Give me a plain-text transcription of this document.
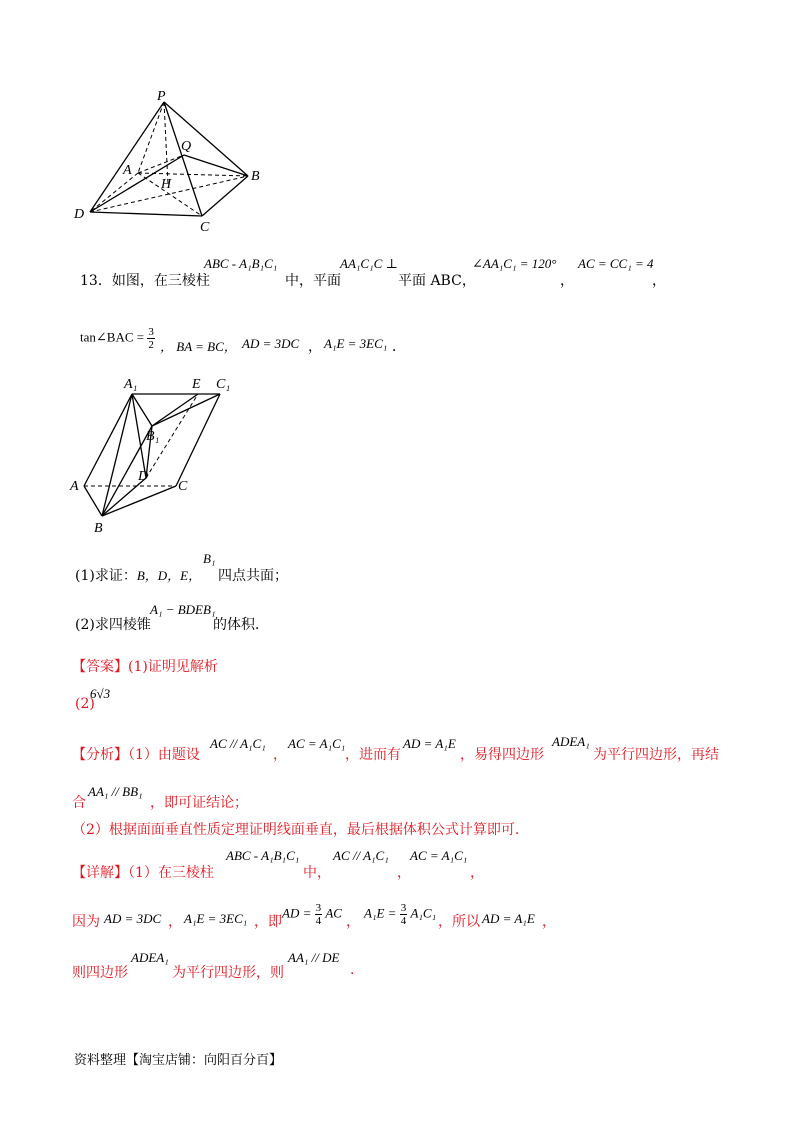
P
Q
A
H
B
D
C
13．如图，在三棱柱
ABC - A₁B₁C₁
中，平面
AA₁C₁C ⊥
平面 ABC，
∠AA₁C₁ = 120°
，
AC = CC₁ = 4
，
tan∠BAC = $\frac{3}{2}$ ， BA = BC， AD = 3DC ， A₁E = 3EC₁ ．
A₁	E C₁
B₁
D
A	C
B
(1)求证：B，D，E，
B₁
四点共面；
(2)求四棱锥
A₁ − BDEB₁
的体积．
【答案】(1)证明见解析
(2)
6√3
【分析】（1）由题设
AC // A₁C₁
，
AC = A₁C₁
，进而有
AD = A₁E
，易得四边形
ADEA₁
为平行四边形，再结
合
AA₁ // BB₁
，即可证结论；
（2）根据面面垂直性质定理证明线面垂直，最后根据体积公式计算即可.
【详解】（1）在三棱柱
ABC - A₁B₁C₁
中，
AC // A₁C₁
，
AC = A₁C₁
，
因为 AD = 3DC ， A₁E = 3EC₁ ，即
AD = $\frac{3}{4}$ AC
，
$A_1E = \frac{3}{4} A_1C_1$
，所以 AD = A₁E ，
则四边形
ADEA₁
为平行四边形，则
AA₁ // DE
.
资料整理【淘宝店铺：向阳百分百】
